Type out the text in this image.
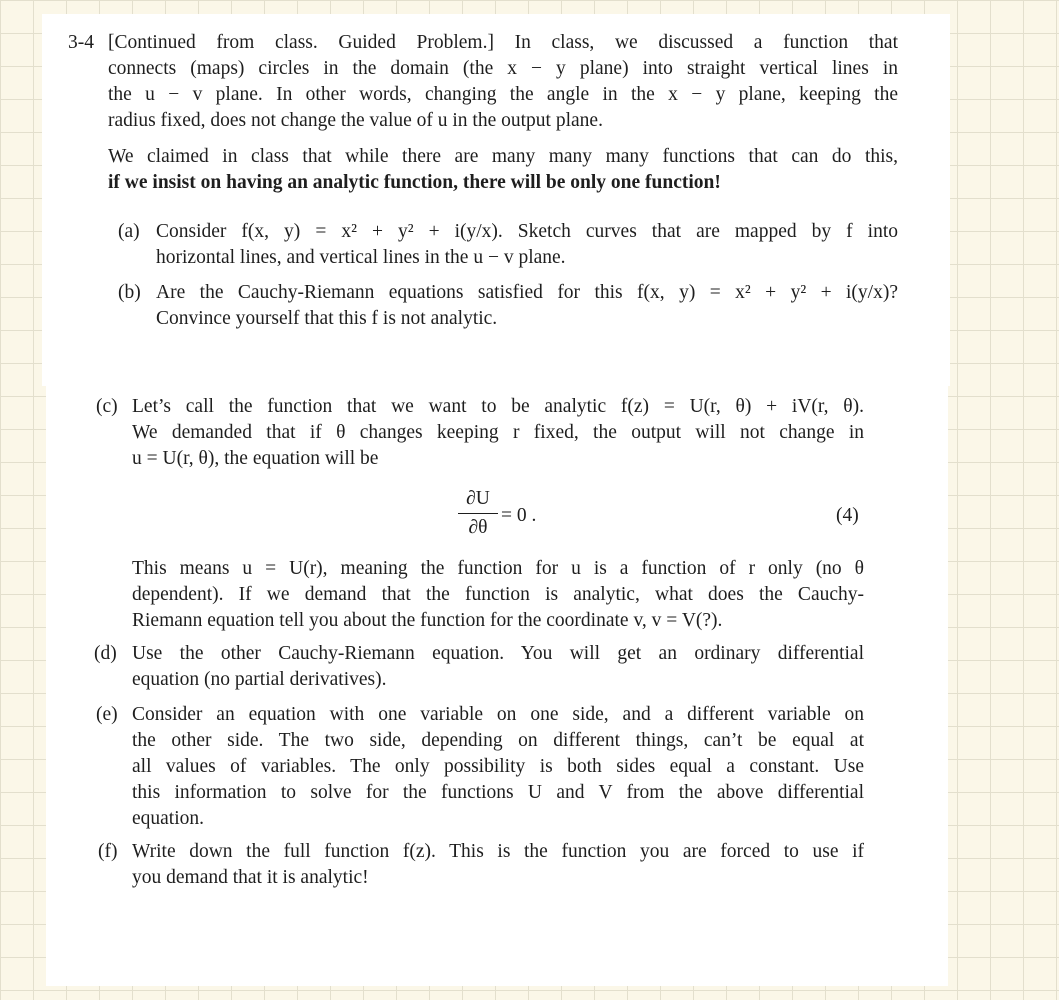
3-4 [Continued from class. Guided Problem.] In class, we discussed a function that
connects (maps) circles in the domain (the x − y plane) into straight vertical lines in
the u − v plane. In other words, changing the angle in the x − y plane, keeping the
radius fixed, does not change the value of u in the output plane.
We claimed in class that while there are many many many functions that can do this,
if we insist on having an analytic function, there will be only one function!
(a) Consider f(x, y) = x² + y² + i(y/x). Sketch curves that are mapped by f into
horizontal lines, and vertical lines in the u − v plane.
(b) Are the Cauchy-Riemann equations satisfied for this f(x, y) = x² + y² + i(y/x)?
Convince yourself that this f is not analytic.
(c) Let’s call the function that we want to be analytic f(z) = U(r, θ) + iV(r, θ).
We demanded that if θ changes keeping r fixed, the output will not change in
u = U(r, θ), the equation will be
∂U
∂θ
= 0 .	(4)
This means u = U(r), meaning the function for u is a function of r only (no θ
dependent). If we demand that the function is analytic, what does the Cauchy-
Riemann equation tell you about the function for the coordinate v, v = V(?).
(d) Use the other Cauchy-Riemann equation. You will get an ordinary differential
equation (no partial derivatives).
(e) Consider an equation with one variable on one side, and a different variable on
the other side. The two side, depending on different things, can’t be equal at
all values of variables. The only possibility is both sides equal a constant. Use
this information to solve for the functions U and V from the above differential
equation.
(f) Write down the full function f(z). This is the function you are forced to use if
you demand that it is analytic!
